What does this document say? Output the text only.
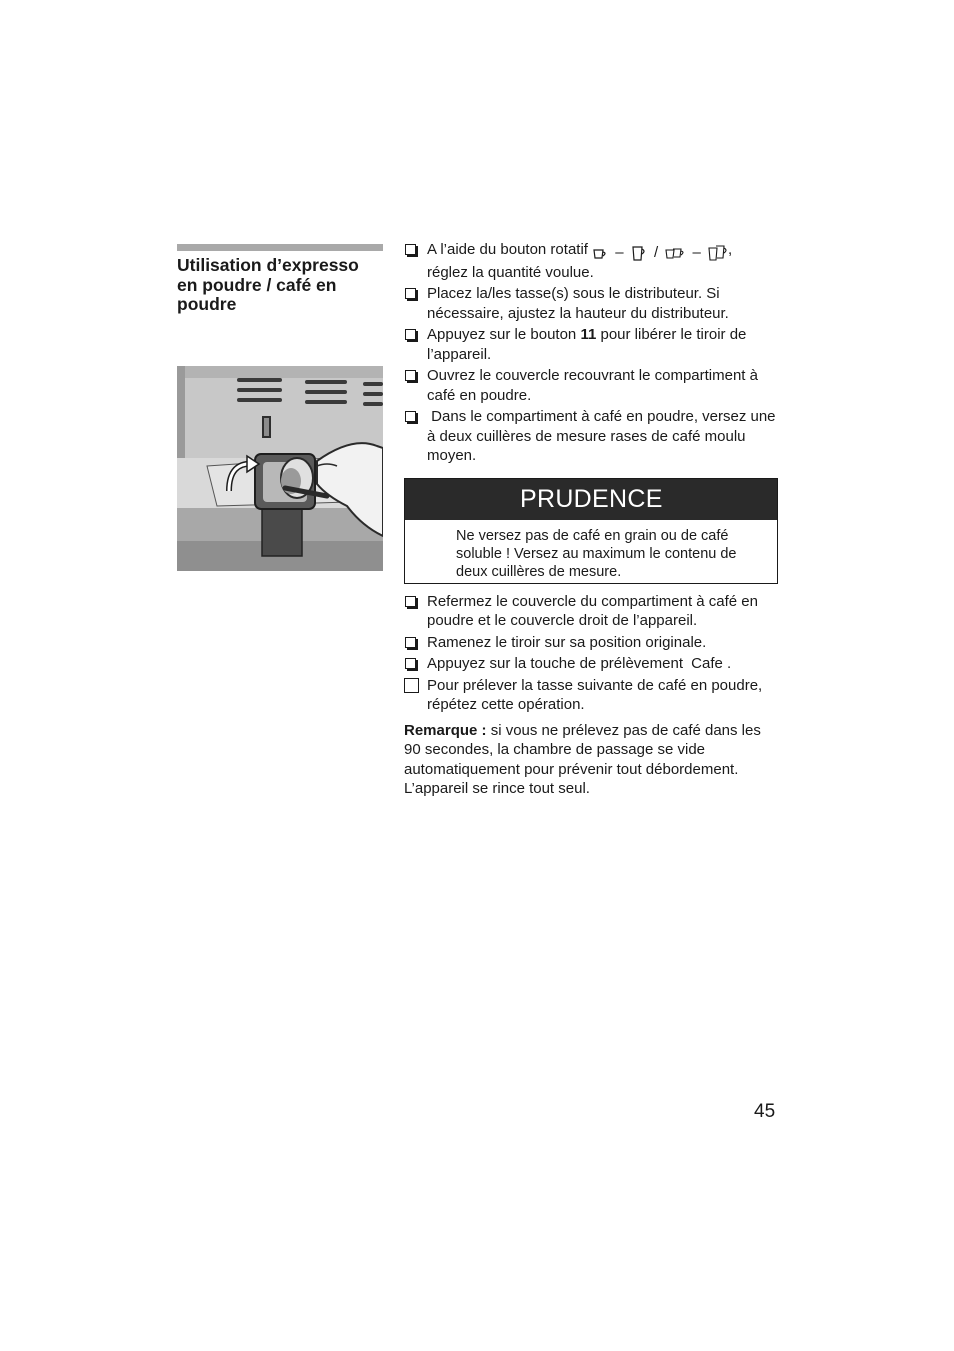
Utilisation d’expresso en poudre / café en poudre
A l’aide du bouton rotatif – / – ,
réglez la quantité voulue.
Placez la/les tasse(s) sous le distributeur. Si nécessaire, ajustez la hauteur du distributeur.
Appuyez sur le bouton 11 pour libérer le tiroir de l’appareil.
Ouvrez le couvercle recouvrant le compartiment à café en poudre.
Dans le compartiment à café en poudre, versez une à deux cuillères de mesure rases de café moulu moyen.
PRUDENCE
Ne versez pas de café en grain ou de café soluble ! Versez au maximum le contenu de deux cuillères de mesure.
Refermez le couvercle du compartiment à café en poudre et le couvercle droit de l’appareil.
Ramenez le tiroir sur sa position originale.
Appuyez sur la touche de prélèvement Cafe .
Pour prélever la tasse suivante de café en poudre, répétez cette opération.
Remarque : si vous ne prélevez pas de café dans les 90 secondes, la chambre de passage se vide automatiquement pour prévenir tout débordement. L’appareil se rince tout seul.
45
